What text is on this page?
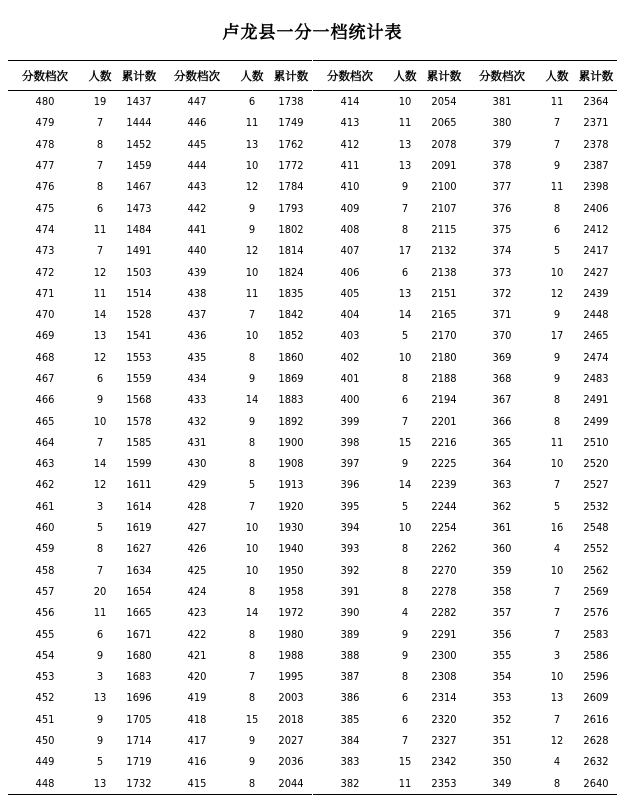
卢龙县一分一档统计表
分数档次	人数	累计数
480	19	1437
479	7	1444
478	8	1452
477	7	1459
476	8	1467
475	6	1473
474	11	1484
473	7	1491
472	12	1503
471	11	1514
470	14	1528
469	13	1541
468	12	1553
467	6	1559
466	9	1568
465	10	1578
464	7	1585
463	14	1599
462	12	1611
461	3	1614
460	5	1619
459	8	1627
458	7	1634
457	20	1654
456	11	1665
455	6	1671
454	9	1680
453	3	1683
452	13	1696
451	9	1705
450	9	1714
449	5	1719
448	13	1732
分数档次	人数	累计数
447	6	1738
446	11	1749
445	13	1762
444	10	1772
443	12	1784
442	9	1793
441	9	1802
440	12	1814
439	10	1824
438	11	1835
437	7	1842
436	10	1852
435	8	1860
434	9	1869
433	14	1883
432	9	1892
431	8	1900
430	8	1908
429	5	1913
428	7	1920
427	10	1930
426	10	1940
425	10	1950
424	8	1958
423	14	1972
422	8	1980
421	8	1988
420	7	1995
419	8	2003
418	15	2018
417	9	2027
416	9	2036
415	8	2044
分数档次	人数	累计数
414	10	2054
413	11	2065
412	13	2078
411	13	2091
410	9	2100
409	7	2107
408	8	2115
407	17	2132
406	6	2138
405	13	2151
404	14	2165
403	5	2170
402	10	2180
401	8	2188
400	6	2194
399	7	2201
398	15	2216
397	9	2225
396	14	2239
395	5	2244
394	10	2254
393	8	2262
392	8	2270
391	8	2278
390	4	2282
389	9	2291
388	9	2300
387	8	2308
386	6	2314
385	6	2320
384	7	2327
383	15	2342
382	11	2353
分数档次	人数	累计数
381	11	2364
380	7	2371
379	7	2378
378	9	2387
377	11	2398
376	8	2406
375	6	2412
374	5	2417
373	10	2427
372	12	2439
371	9	2448
370	17	2465
369	9	2474
368	9	2483
367	8	2491
366	8	2499
365	11	2510
364	10	2520
363	7	2527
362	5	2532
361	16	2548
360	4	2552
359	10	2562
358	7	2569
357	7	2576
356	7	2583
355	3	2586
354	10	2596
353	13	2609
352	7	2616
351	12	2628
350	4	2632
349	8	2640
